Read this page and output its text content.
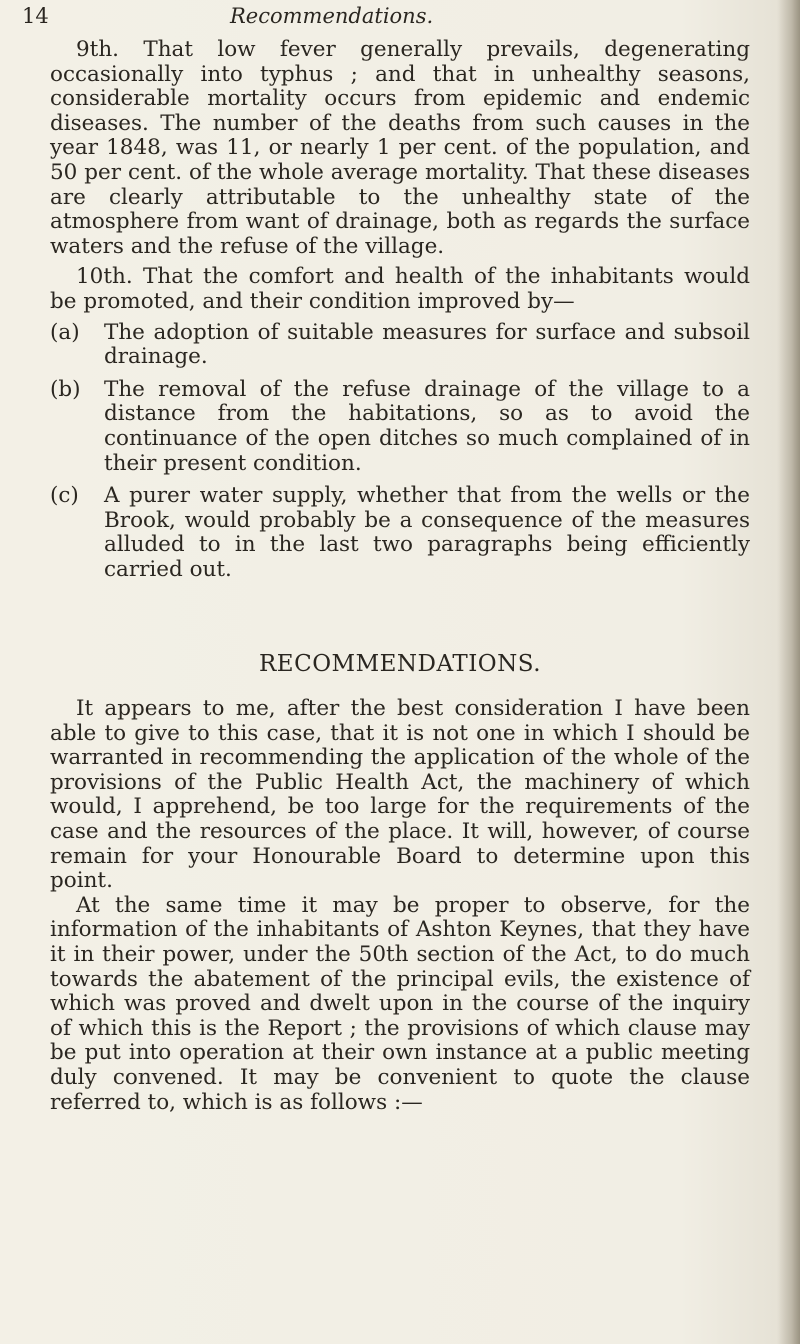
14	Recommendations.

9th. That low fever generally prevails, degenerating occasionally into typhus ; and that in unhealthy seasons, considerable mortality occurs from epidemic and endemic diseases. The number of the deaths from such causes in the year 1848, was 11, or nearly 1 per cent. of the population, and 50 per cent. of the whole average mortality. That these diseases are clearly attributable to the unhealthy state of the atmosphere from want of drainage, both as regards the surface waters and the refuse of the village.

10th. That the comfort and health of the inhabitants would be promoted, and their condition improved by—

(a)	The adoption of suitable measures for surface and subsoil drainage.
(b)	The removal of the refuse drainage of the village to a distance from the habitations, so as to avoid the continuance of the open ditches so much complained of in their present condition.
(c)	A purer water supply, whether that from the wells or the Brook, would probably be a consequence of the measures alluded to in the last two paragraphs being efficiently carried out.
RECOMMENDATIONS.

It appears to me, after the best consideration I have been able to give to this case, that it is not one in which I should be warranted in recommending the application of the whole of the provisions of the Public Health Act, the machinery of which would, I apprehend, be too large for the requirements of the case and the resources of the place. It will, however, of course remain for your Honourable Board to determine upon this point.

At the same time it may be proper to observe, for the information of the inhabitants of Ashton Keynes, that they have it in their power, under the 50th section of the Act, to do much towards the abatement of the principal evils, the existence of which was proved and dwelt upon in the course of the inquiry of which this is the Report ; the provisions of which clause may be put into operation at their own instance at a public meeting duly convened. It may be convenient to quote the clause referred to, which is as follows :—
